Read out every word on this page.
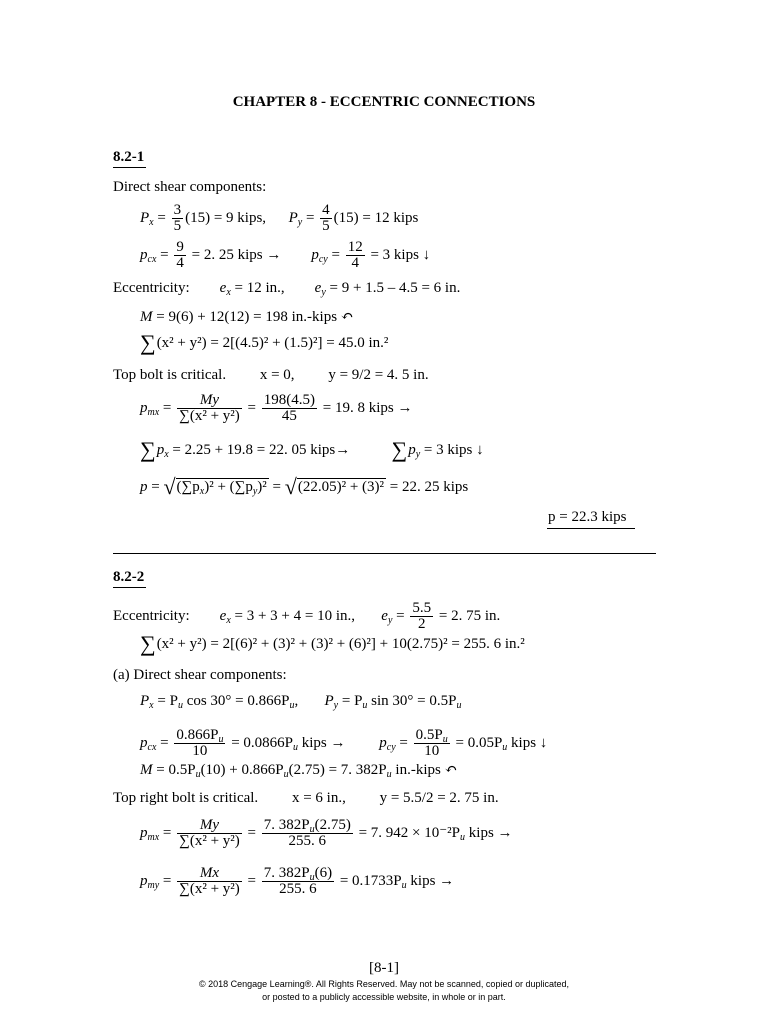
CHAPTER 8 - ECCENTRIC CONNECTIONS
8.2-1
Direct shear components:
$P_x = \frac{3}{5} (15) = 9$ kips, $P_y = \frac{4}{5} (15) = 12$ kips
$p_{cx} = \frac{9}{4} = 2$. 25 kips → $p_{cy} = \frac{12}{4} = 3$ kips ↓
Eccentricity: $e_x = 12$ in., $e_y = 9 + 1.5 - 4.5 = 6$ in.
M = 9(6) + 12(12) = 198 in.-kips ↶
∑(x² + y²) = 2[(4.5)² + (1.5)²] = 45.0 in.²
Top bolt is critical. x = 0, y = 9/2 = 4. 5 in.
$p_{mx} = \frac{My}{\text{∑(x² + y²)}} = \frac{198(4.5)}{45} = 19$. 8 kips →
$\sum p_x = 2.25 + 19.8 = 22$. 05 kips→ $\sum p_y = 3$ kips ↓
$p = √(\sum p_x)^2 + (\sum p_y)^2 = √(22.05)^2 + (3)^2 = 22$. 25 kips
p = 22.3 kips
8.2-2
Eccentricity: $e_x = 3 + 3 + 4 = 10$ in., $e_y = \frac{5.5}{2} = 2$. 75 in.
∑(x² + y²) = 2[(6)² + (3)² + (3)² + (6)²] + 10(2.75)² = 255. 6 in.²
(a) Direct shear components:
$P_x = P_u$ $\cos 30^\circ = 0.866P_u$, $P_y = P_u$ $\sin 30^\circ = 0.5P_u$
$p_{cx} = \frac{0.866P_u}{10} = 0.0866P_u$ kips → $p_{cy} = \frac{0.5P_u}{10} = 0.05P_u$ kips ↓
$M = 0.5P_u(10) + 0.866P_u(2.75) = 7$. $382P_u$ in.-kips ↶
Top right bolt is critical. x = 6 in., y = 5.5/2 = 2. 75 in.
$p_{mx} = \frac{My}{\text{∑(x² + y²)}} = \frac{7. 382P_u(2.75)}{255. 6} = 7$. $942 \times 10^{-2}P_u$ kips →
$p_{my} = \frac{Mx}{\text{∑(x² + y²)}} = \frac{7. 382P_u(6)}{255. 6} = 0.1733P_u$ kips →
[8-1]
© 2018 Cengage Learning®. All Rights Reserved. May not be scanned, copied or duplicated,
or posted to a publicly accessible website, in whole or in part.
